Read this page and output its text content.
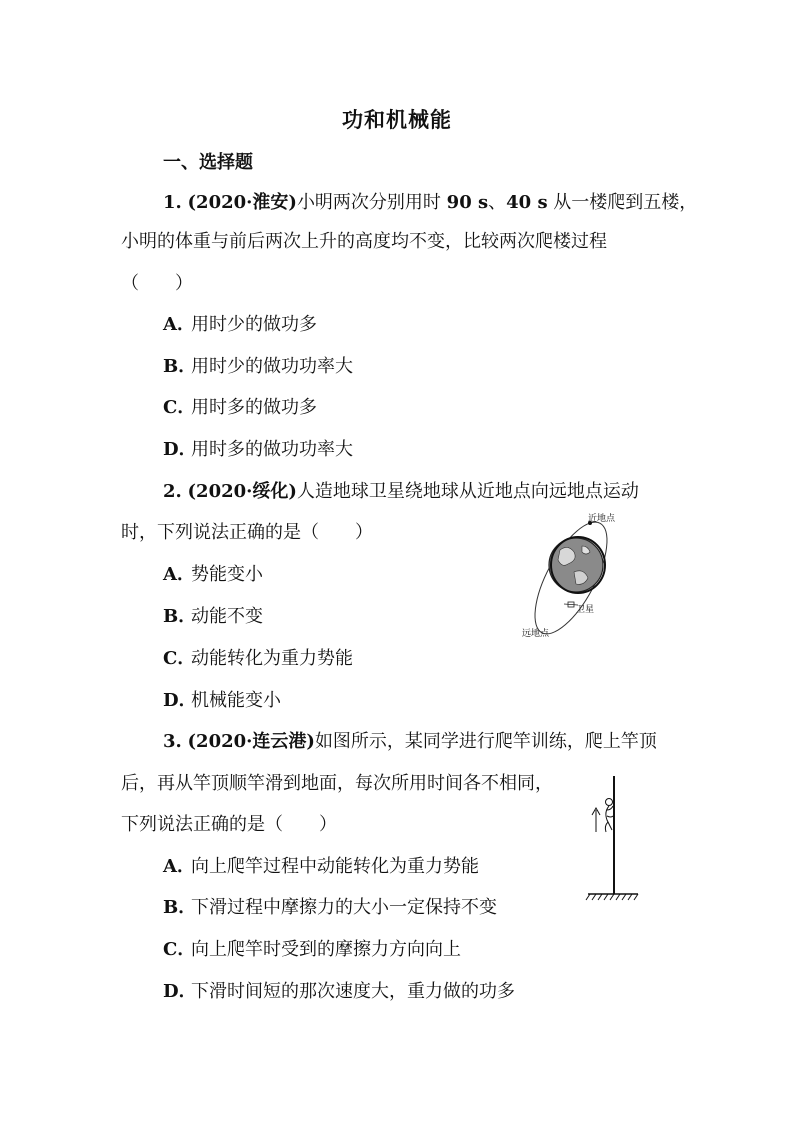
功和机械能
一、选择题
1. (2020·淮安)小明两次分别用时 90 s、40 s 从一楼爬到五楼，
小明的体重与前后两次上升的高度均不变，比较两次爬楼过程
（　　）
A．用时少的做功多
B．用时少的做功功率大
C．用时多的做功多
D．用时多的做功功率大
2. (2020·绥化)人造地球卫星绕地球从近地点向远地点运动
时，下列说法正确的是（　　）
A．势能变小
B．动能不变
C．动能转化为重力势能
D．机械能变小
近地点
卫星
远地点
3. (2020·连云港)如图所示，某同学进行爬竿训练，爬上竿顶
后，再从竿顶顺竿滑到地面，每次所用时间各不相同，
下列说法正确的是（　　）
A．向上爬竿过程中动能转化为重力势能
B．下滑过程中摩擦力的大小一定保持不变
C．向上爬竿时受到的摩擦力方向向上
D．下滑时间短的那次速度大，重力做的功多
